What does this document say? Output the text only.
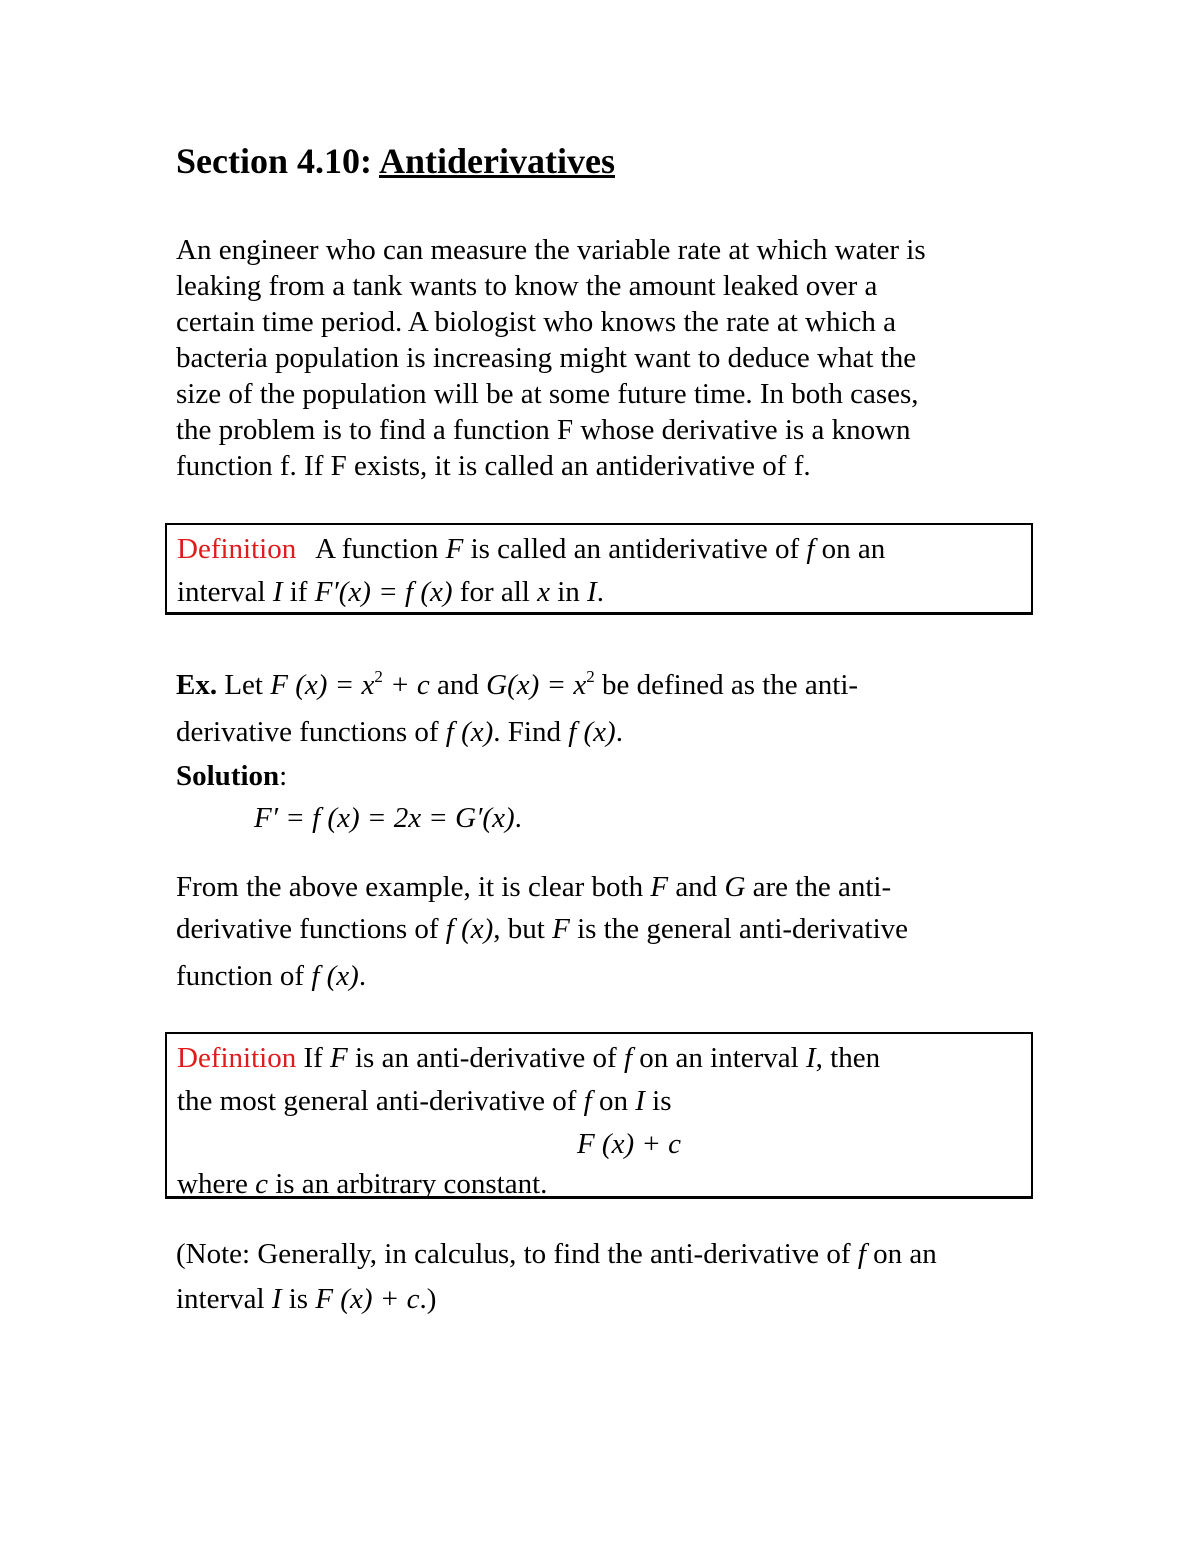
Section 4.10: Antiderivatives
An engineer who can measure the variable rate at which water is
leaking from a tank wants to know the amount leaked over a
certain time period. A biologist who knows the rate at which a
bacteria population is increasing might want to deduce what the
size of the population will be at some future time. In both cases,
the problem is to find a function F whose derivative is a known
function f. If F exists, it is called an antiderivative of f.
Definition A function F is called an antiderivative of f on an
interval I if F′(x) = f (x) for all x in I.
Ex. Let F $(x) = x^2 + c$ and $G(x) = x^2$ be defined as the anti-
derivative functions of f (x). Find f (x).
Solution:
F′ = f (x) = 2x = G′(x).
From the above example, it is clear both F and G are the anti-
derivative functions of f (x), but F is the general anti-derivative
function of f (x).
Definition If F is an anti-derivative of f on an interval I, then
the most general anti-derivative of f on I is
F (x) + c
where c is an arbitrary constant.
(Note: Generally, in calculus, to find the anti-derivative of f on an
interval I is F (x) + c.)
